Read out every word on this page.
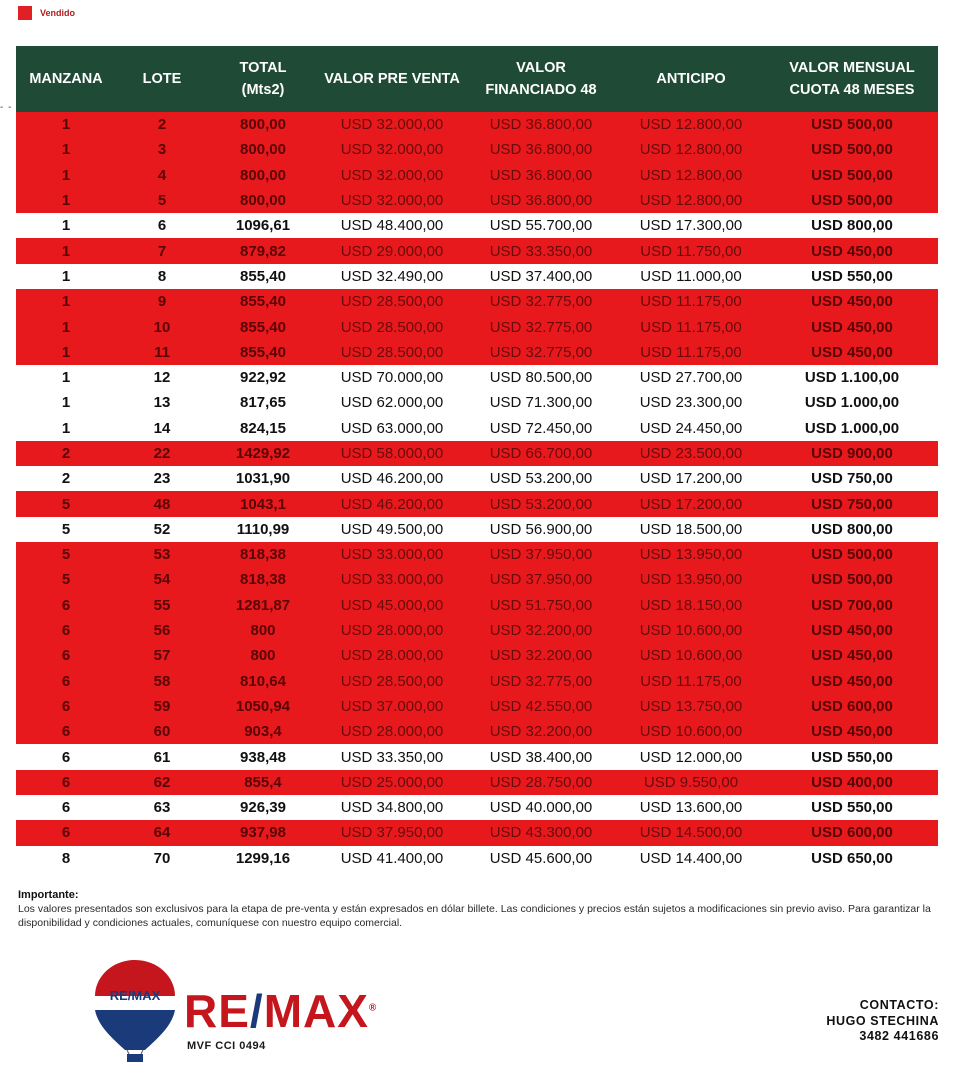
Vendido
- -
MANZANA	LOTE	TOTAL (Mts2)	VALOR PRE VENTA	VALOR FINANCIADO 48	ANTICIPO	VALOR MENSUAL CUOTA 48 MESES
1	2	800,00	USD 32.000,00	USD 36.800,00	USD 12.800,00	USD 500,00
1	3	800,00	USD 32.000,00	USD 36.800,00	USD 12.800,00	USD 500,00
1	4	800,00	USD 32.000,00	USD 36.800,00	USD 12.800,00	USD 500,00
1	5	800,00	USD 32.000,00	USD 36.800,00	USD 12.800,00	USD 500,00
1	6	1096,61	USD 48.400,00	USD 55.700,00	USD 17.300,00	USD 800,00
1	7	879,82	USD 29.000,00	USD 33.350,00	USD 11.750,00	USD 450,00
1	8	855,40	USD 32.490,00	USD 37.400,00	USD 11.000,00	USD 550,00
1	9	855,40	USD 28.500,00	USD 32.775,00	USD 11.175,00	USD 450,00
1	10	855,40	USD 28.500,00	USD 32.775,00	USD 11.175,00	USD 450,00
1	11	855,40	USD 28.500,00	USD 32.775,00	USD 11.175,00	USD 450,00
1	12	922,92	USD 70.000,00	USD 80.500,00	USD 27.700,00	USD 1.100,00
1	13	817,65	USD 62.000,00	USD 71.300,00	USD 23.300,00	USD 1.000,00
1	14	824,15	USD 63.000,00	USD 72.450,00	USD 24.450,00	USD 1.000,00
2	22	1429,92	USD 58.000,00	USD 66.700,00	USD 23.500,00	USD 900,00
2	23	1031,90	USD 46.200,00	USD 53.200,00	USD 17.200,00	USD 750,00
5	48	1043,1	USD 46.200,00	USD 53.200,00	USD 17.200,00	USD 750,00
5	52	1110,99	USD 49.500,00	USD 56.900,00	USD 18.500,00	USD 800,00
5	53	818,38	USD 33.000,00	USD 37.950,00	USD 13.950,00	USD 500,00
5	54	818,38	USD 33.000,00	USD 37.950,00	USD 13.950,00	USD 500,00
6	55	1281,87	USD 45.000,00	USD 51.750,00	USD 18.150,00	USD 700,00
6	56	800	USD 28.000,00	USD 32.200,00	USD 10.600,00	USD 450,00
6	57	800	USD 28.000,00	USD 32.200,00	USD 10.600,00	USD 450,00
6	58	810,64	USD 28.500,00	USD 32.775,00	USD 11.175,00	USD 450,00
6	59	1050,94	USD 37.000,00	USD 42.550,00	USD 13.750,00	USD 600,00
6	60	903,4	USD 28.000,00	USD 32.200,00	USD 10.600,00	USD 450,00
6	61	938,48	USD 33.350,00	USD 38.400,00	USD 12.000,00	USD 550,00
6	62	855,4	USD 25.000,00	USD 28.750,00	USD 9.550,00	USD 400,00
6	63	926,39	USD 34.800,00	USD 40.000,00	USD 13.600,00	USD 550,00
6	64	937,98	USD 37.950,00	USD 43.300,00	USD 14.500,00	USD 600,00
8	70	1299,16	USD 41.400,00	USD 45.600,00	USD 14.400,00	USD 650,00
Importante:
Los valores presentados son exclusivos para la etapa de pre-venta y están expresados en dólar billete. Las condiciones y precios están sujetos a modificaciones sin previo aviso. Para garantizar la disponibilidad y condiciones actuales, comuníquese con nuestro equipo comercial.
RE/MAX RE/MAX®
MVF CCI 0494
CONTACTO:
HUGO STECHINA
3482 441686
